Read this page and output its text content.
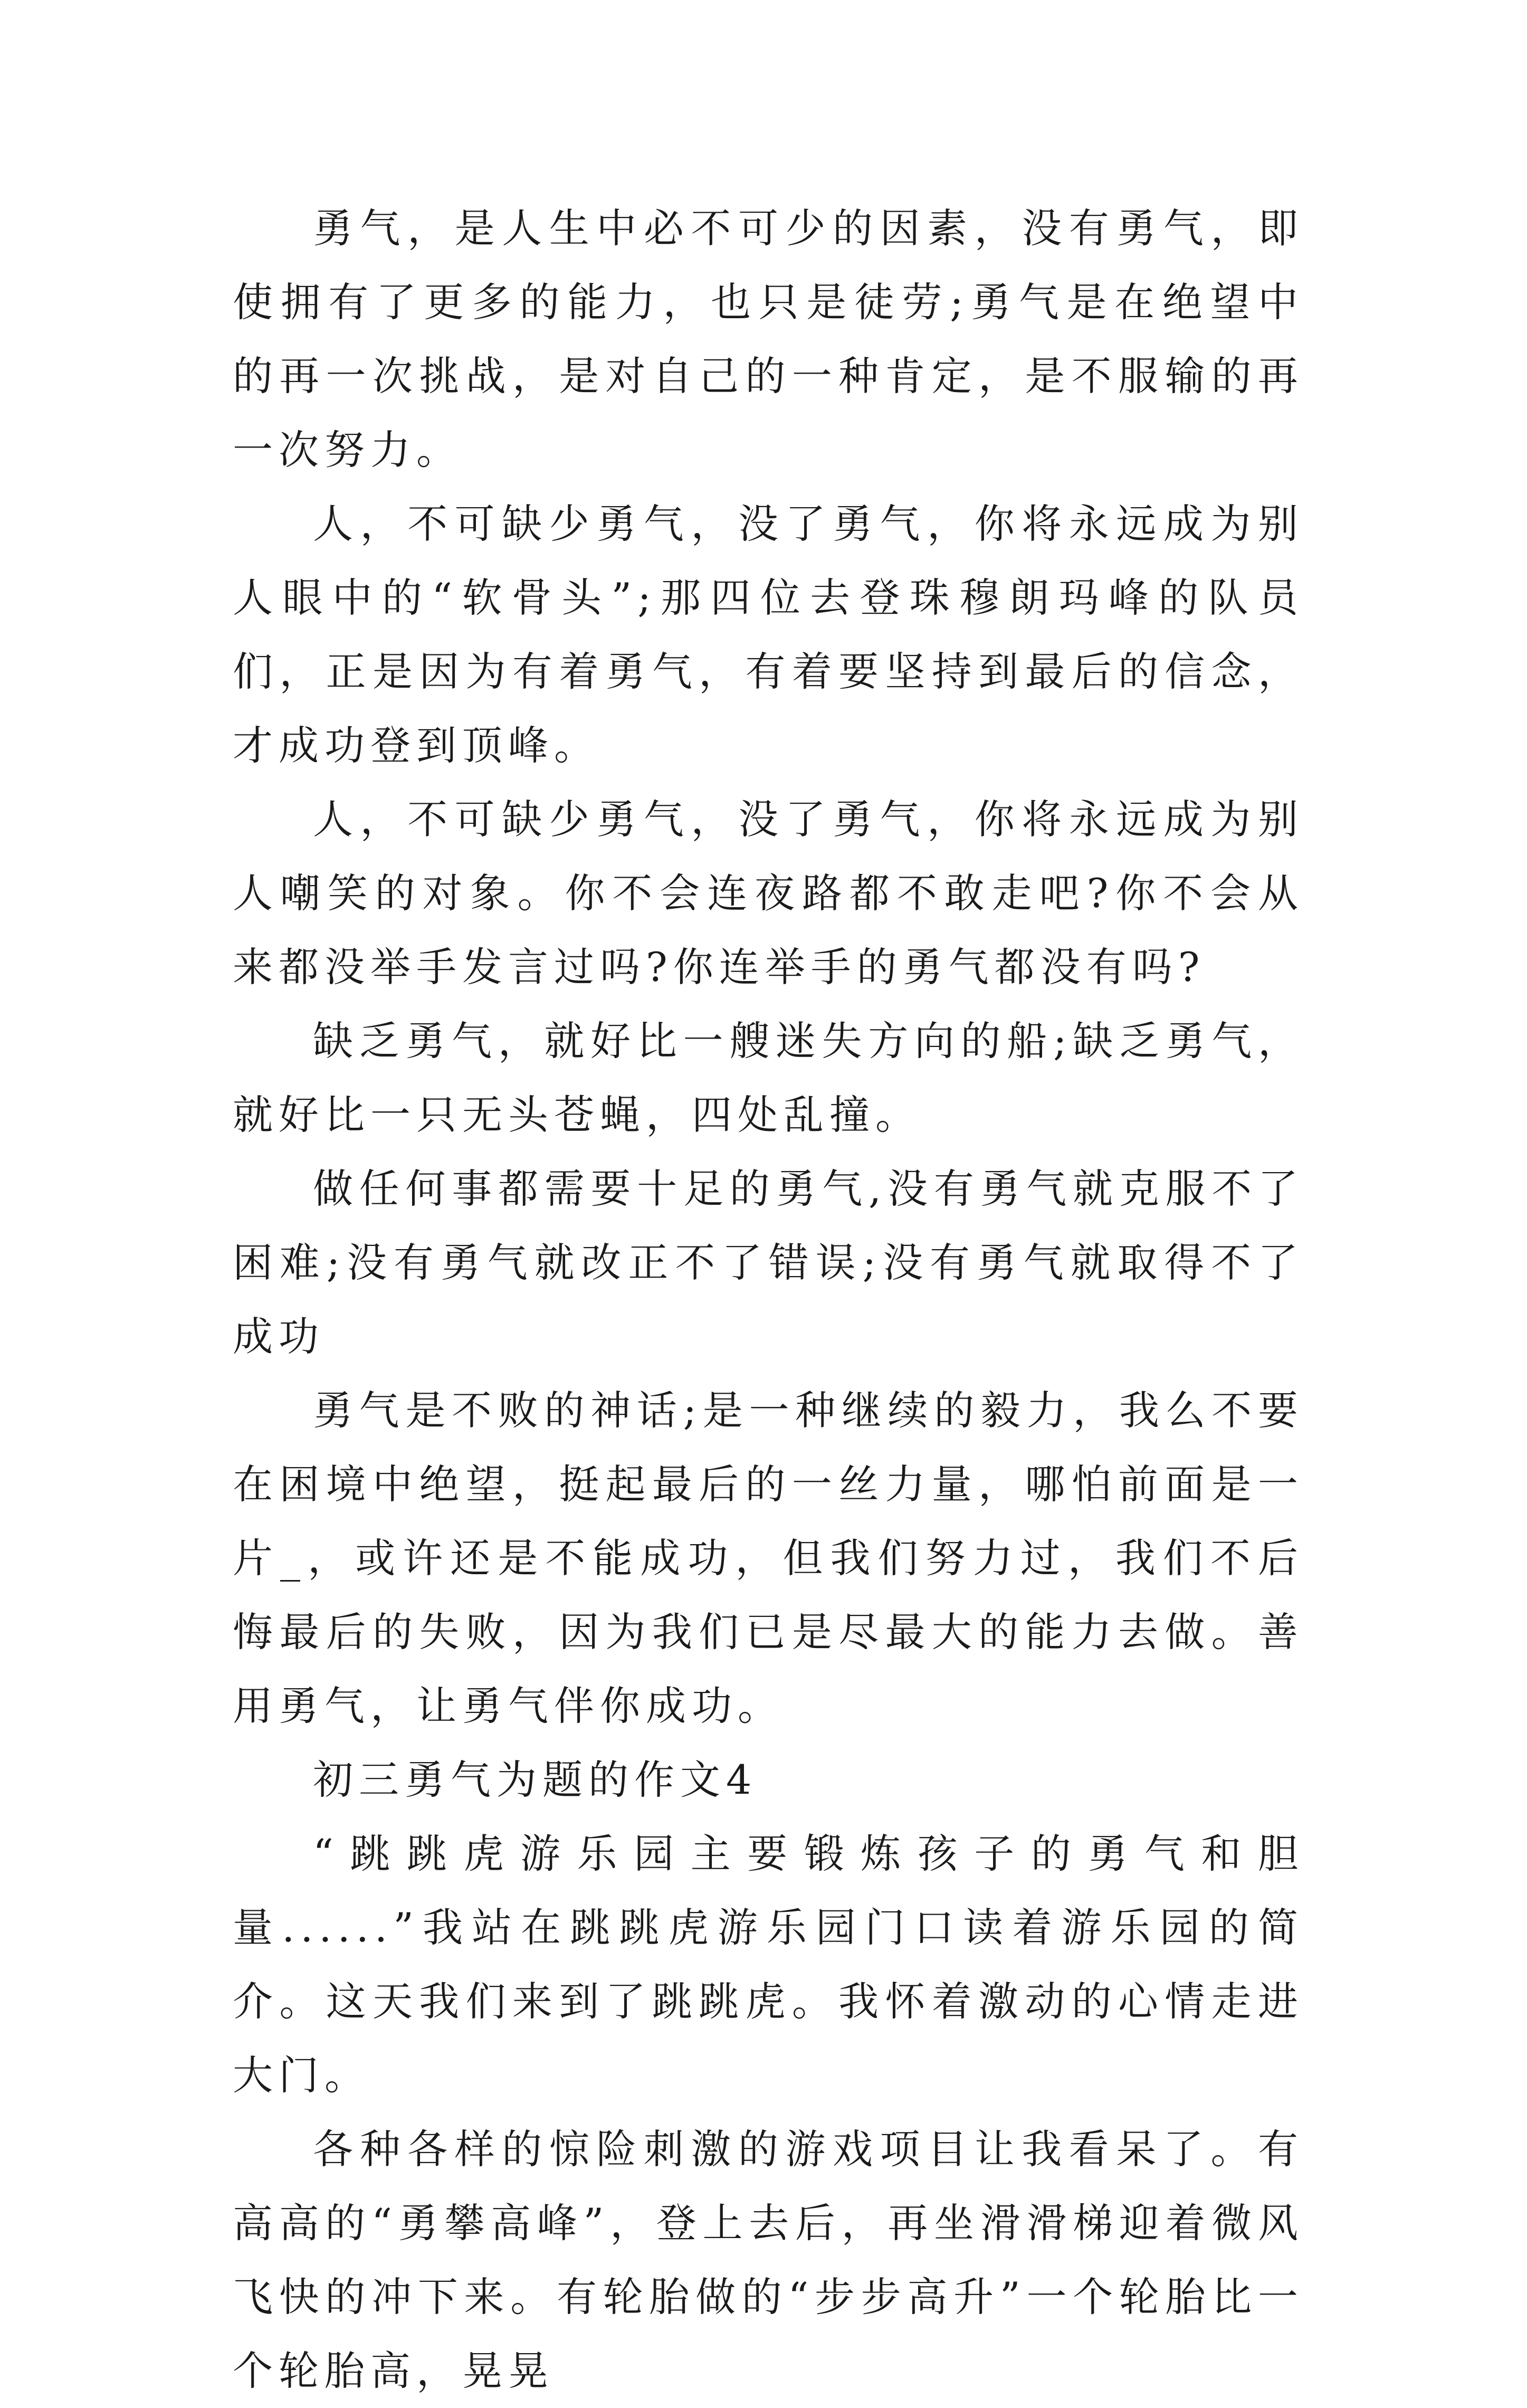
勇气，是人生中必不可少的因素，没有勇气，即使拥有了更多的能力，也只是徒劳;勇气是在绝望中的再一次挑战，是对自己的一种肯定，是不服输的再一次努力。

人，不可缺少勇气，没了勇气，你将永远成为别人眼中的“软骨头”;那四位去登珠穆朗玛峰的队员们，正是因为有着勇气，有着要坚持到最后的信念，才成功登到顶峰。

人，不可缺少勇气，没了勇气，你将永远成为别人嘲笑的对象。你不会连夜路都不敢走吧?你不会从来都没举手发言过吗?你连举手的勇气都没有吗?

缺乏勇气，就好比一艘迷失方向的船;缺乏勇气，就好比一只无头苍蝇，四处乱撞。

做任何事都需要十足的勇气,没有勇气就克服不了困难;没有勇气就改正不了错误;没有勇气就取得不了成功

勇气是不败的神话;是一种继续的毅力，我么不要在困境中绝望，挺起最后的一丝力量，哪怕前面是一片_，或许还是不能成功，但我们努力过，我们不后悔最后的失败，因为我们已是尽最大的能力去做。善用勇气，让勇气伴你成功。

初三勇气为题的作文4

“跳跳虎游乐园主要锻炼孩子的勇气和胆量......”我站在跳跳虎游乐园门口读着游乐园的简介。这天我们来到了跳跳虎。我怀着激动的心情走进大门。

各种各样的惊险刺激的游戏项目让我看呆了。有高高的“勇攀高峰”，登上去后，再坐滑滑梯迎着微风飞快的冲下来。有轮胎做的“步步高升”一个轮胎比一个轮胎高，晃晃
